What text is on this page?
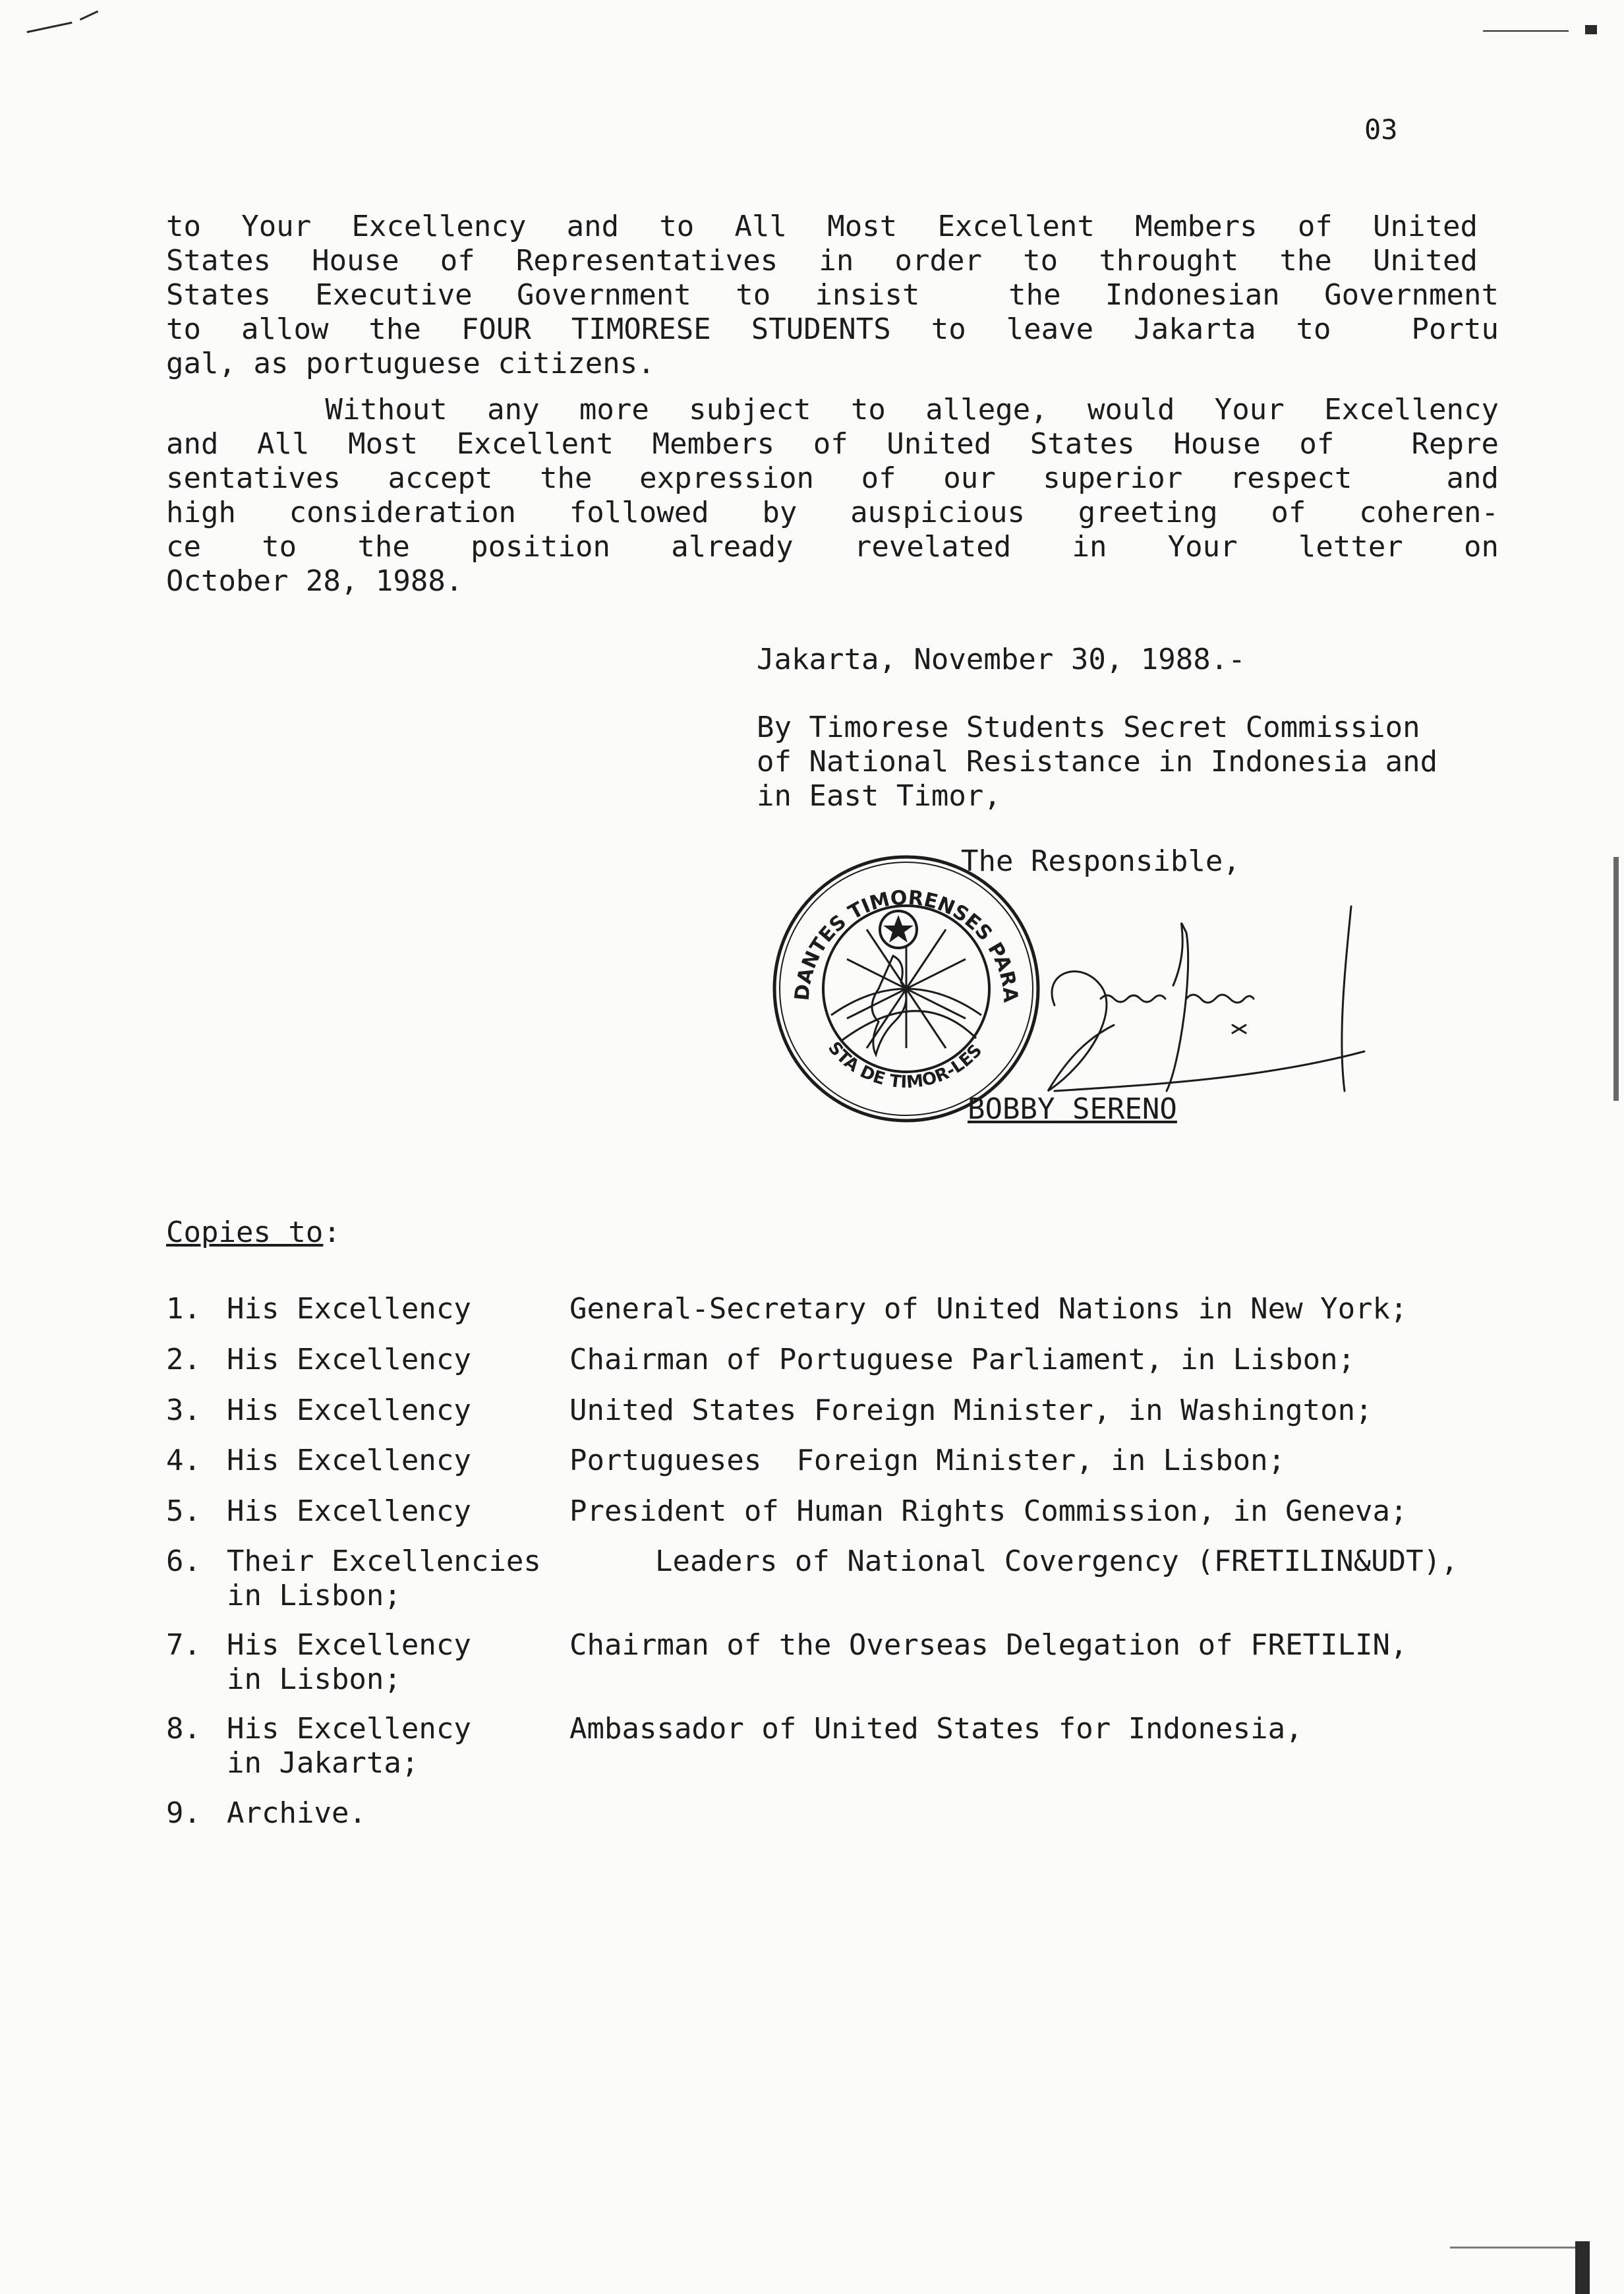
03
to Your Excellency and to All Most Excellent Members of United
States House of Representatives in order to throught the United
States Executive Government to insist  the Indonesian Government
to allow the FOUR TIMORESE STUDENTS to leave Jakarta to  Portu
gal, as portuguese citizens.
Without any more subject to allege, would Your Excellency
and All Most Excellent Members of United States House of  Repre
sentatives accept the expression of our superior respect  and
high consideration followed by auspicious greeting of coheren-
ce to the position already revelated in Your letter on
October 28, 1988.
Jakarta, November 30, 1988.-
By Timorese Students Secret Commission
of National Resistance in Indonesia and
in East Timor,
The Responsible,
DANTES TIMORENSES PARA
STA DE TIMOR-LES
BOBBY SERENO
Copies to:
1. His Excellency	General-Secretary of United Nations in New York;
2. His Excellency	Chairman of Portuguese Parliament, in Lisbon;
3. His Excellency	United States Foreign Minister, in Washington;
4. His Excellency	Portugueses  Foreign Minister, in Lisbon;
5. His Excellency	President of Human Rights Commission, in Geneva;
6. Their Excellencies	Leaders of National Covergency (FRETILIN&UDT),
in Lisbon;
7. His Excellency	Chairman of the Overseas Delegation of FRETILIN,
in Lisbon;
8. His Excellency	Ambassador of United States for Indonesia,
in Jakarta;
9. Archive.
